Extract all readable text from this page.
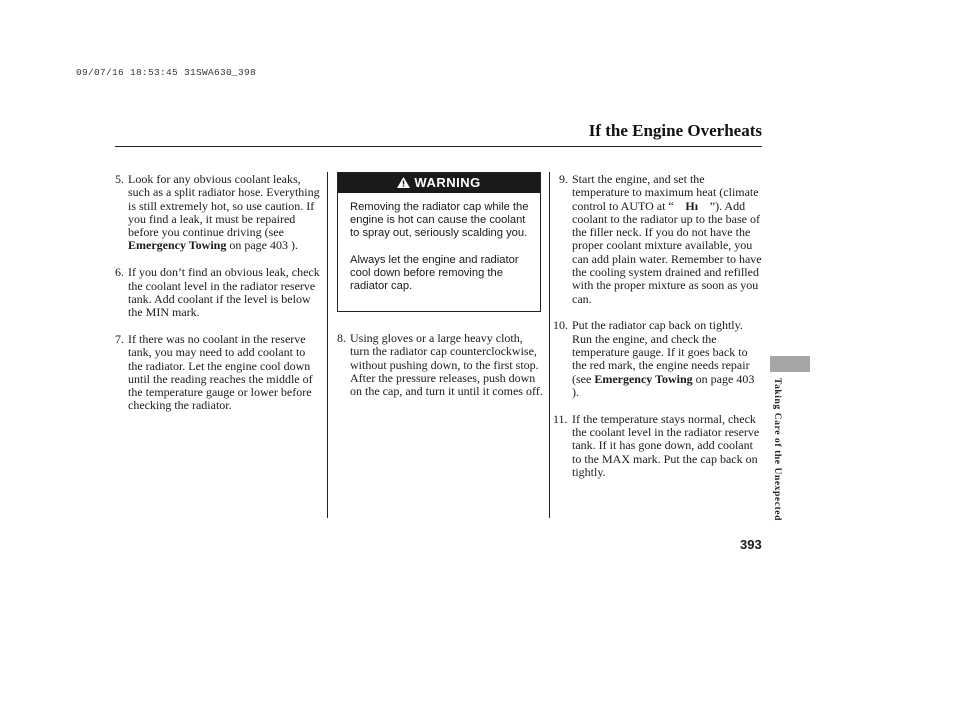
09/07/16 18:53:45 31SWA630_398
If the Engine Overheats
5. Look for any obvious coolant leaks, such as a split radiator hose. Everything is still extremely hot, so use caution. If you find a leak, it must be repaired before you continue driving (see Emergency Towing on page 403 ).
6. If you don’t find an obvious leak, check the coolant level in the radiator reserve tank. Add coolant if the level is below the MIN mark.
7. If there was no coolant in the reserve tank, you may need to add coolant to the radiator. Let the engine cool down until the reading reaches the middle of the temperature gauge or lower before checking the radiator.
WARNING

Removing the radiator cap while the engine is hot can cause the coolant to spray out, seriously scalding you.

Always let the engine and radiator cool down before removing the radiator cap.

8. Using gloves or a large heavy cloth, turn the radiator cap counterclockwise, without pushing down, to the first stop. After the pressure releases, push down on the cap, and turn it until it comes off.
9. Start the engine, and set the temperature to maximum heat (climate control to AUTO at “ Hı ”). Add coolant to the radiator up to the base of the filler neck. If you do not have the proper coolant mixture available, you can add plain water. Remember to have the cooling system drained and refilled with the proper mixture as soon as you can.
10. Put the radiator cap back on tightly. Run the engine, and check the temperature gauge. If it goes back to the red mark, the engine needs repair (see Emergency Towing on page 403 ).
11. If the temperature stays normal, check the coolant level in the radiator reserve tank. If it has gone down, add coolant to the MAX mark. Put the cap back on tightly.	Taking Care of the Unexpected
393
